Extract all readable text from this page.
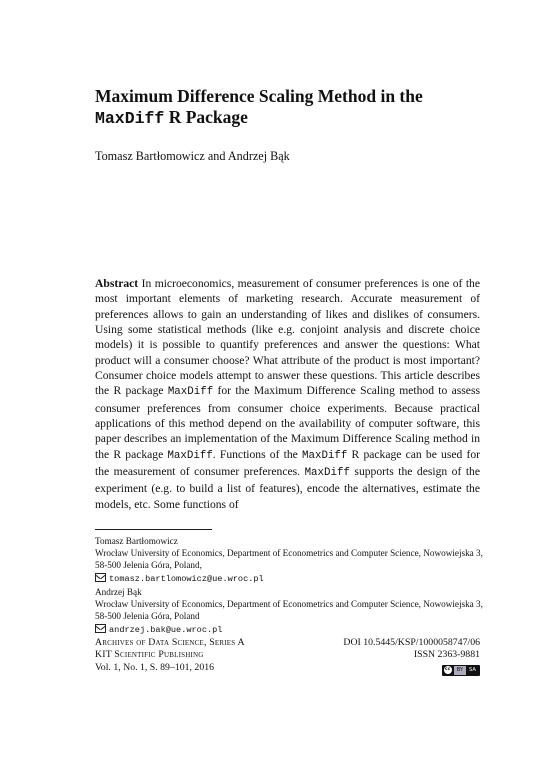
Maximum Difference Scaling Method in the
MaxDiff R Package
Tomasz Bartłomowicz and Andrzej Bąk
Abstract In microeconomics, measurement of consumer preferences is one of the most important elements of marketing research. Accurate measurement of preferences allows to gain an understanding of likes and dislikes of consumers. Using some statistical methods (like e.g. conjoint analysis and discrete choice models) it is possible to quantify preferences and answer the questions: What product will a consumer choose? What attribute of the product is most important? Consumer choice models attempt to answer these questions. This article describes the R package MaxDiff for the Maximum Difference Scaling method to assess consumer preferences from consumer choice experiments. Because practical applications of this method depend on the availability of computer software, this paper describes an implementation of the Maximum Difference Scaling method in the R package MaxDiff. Functions of the MaxDiff R package can be used for the measurement of consumer preferences. MaxDiff supports the design of the experiment (e.g. to build a list of features), encode the alternatives, estimate the models, etc. Some functions of
Tomasz Bartłomowicz
Wrocław University of Economics, Department of Econometrics and Computer Science, Nowowiejska 3, 58-500 Jelenia Góra, Poland,
tomasz.bartlomowicz@ue.wroc.pl
Andrzej Bąk
Wrocław University of Economics, Department of Econometrics and Computer Science, Nowowiejska 3, 58-500 Jelenia Góra, Poland
andrzej.bak@ue.wroc.pl
Archives of Data Science, Series A
KIT Scientific Publishing
Vol. 1, No. 1, S. 89–101, 2016
DOI 10.5445/KSP/1000058747/06
ISSN 2363-9881
cc	BY	SA
